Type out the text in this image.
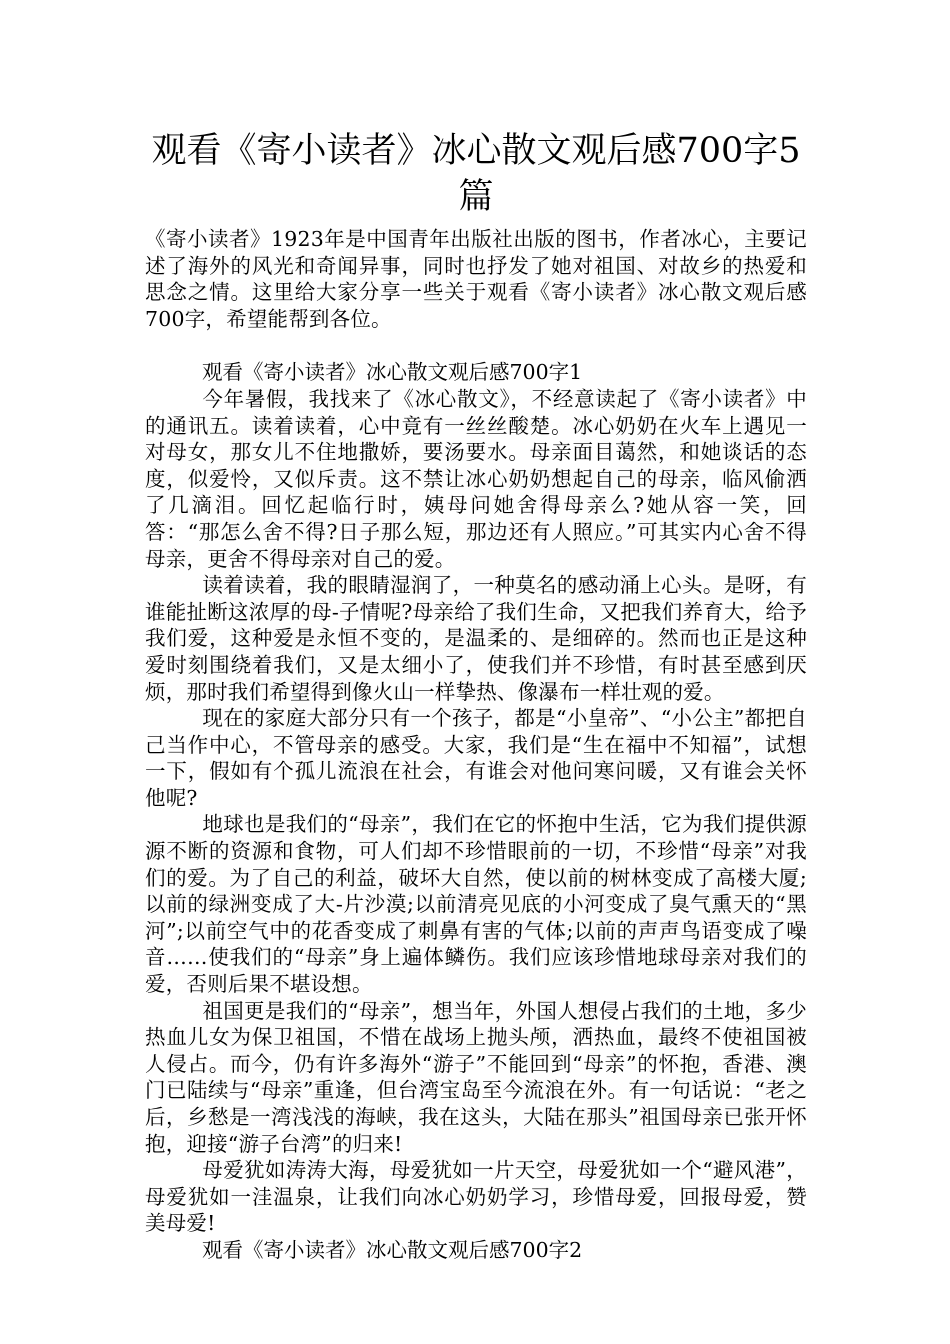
观看《寄小读者》冰心散文观后感700字5篇

《寄小读者》1923年是中国青年出版社出版的图书，作者冰心，主要记述了海外的风光和奇闻异事，同时也抒发了她对祖国、对故乡的热爱和思念之情。这里给大家分享一些关于观看《寄小读者》冰心散文观后感700字，希望能帮到各位。

观看《寄小读者》冰心散文观后感700字1

今年暑假，我找来了《冰心散文》，不经意读起了《寄小读者》中的通讯五。读着读着，心中竟有一丝丝酸楚。冰心奶奶在火车上遇见一对母女，那女儿不住地撒娇，要汤要水。母亲面目蔼然，和她谈话的态度，似爱怜，又似斥责。这不禁让冰心奶奶想起自己的母亲，临风偷洒了几滴泪。回忆起临行时，姨母问她舍得母亲么?她从容一笑，回答：“那怎么舍不得?日子那么短，那边还有人照应。”可其实内心舍不得母亲，更舍不得母亲对自己的爱。

读着读着，我的眼睛湿润了，一种莫名的感动涌上心头。是呀，有谁能扯断这浓厚的母-子情呢?母亲给了我们生命，又把我们养育大，给予我们爱，这种爱是永恒不变的，是温柔的、是细碎的。然而也正是这种爱时刻围绕着我们，又是太细小了，使我们并不珍惜，有时甚至感到厌烦，那时我们希望得到像火山一样挚热、像瀑布一样壮观的爱。

现在的家庭大部分只有一个孩子，都是“小皇帝”、“小公主”都把自己当作中心，不管母亲的感受。大家，我们是“生在福中不知福”，试想一下，假如有个孤儿流浪在社会，有谁会对他问寒问暖，又有谁会关怀他呢?

地球也是我们的“母亲”，我们在它的怀抱中生活，它为我们提供源源不断的资源和食物，可人们却不珍惜眼前的一切，不珍惜“母亲”对我们的爱。为了自己的利益，破坏大自然，使以前的树林变成了高楼大厦;以前的绿洲变成了大-片沙漠;以前清亮见底的小河变成了臭气熏天的“黑河”;以前空气中的花香变成了刺鼻有害的气体;以前的声声鸟语变成了噪音……使我们的“母亲”身上遍体鳞伤。我们应该珍惜地球母亲对我们的爱，否则后果不堪设想。

祖国更是我们的“母亲”，想当年，外国人想侵占我们的土地，多少热血儿女为保卫祖国，不惜在战场上抛头颅，洒热血，最终不使祖国被人侵占。而今，仍有许多海外“游子”不能回到“母亲”的怀抱，香港、澳门已陆续与“母亲”重逢，但台湾宝岛至今流浪在外。有一句话说：“老之后，乡愁是一湾浅浅的海峡，我在这头，大陆在那头”祖国母亲已张开怀抱，迎接“游子台湾”的归来!

母爱犹如涛涛大海，母爱犹如一片天空，母爱犹如一个“避风港”，母爱犹如一洼温泉，让我们向冰心奶奶学习，珍惜母爱，回报母爱，赞美母爱!

观看《寄小读者》冰心散文观后感700字2
